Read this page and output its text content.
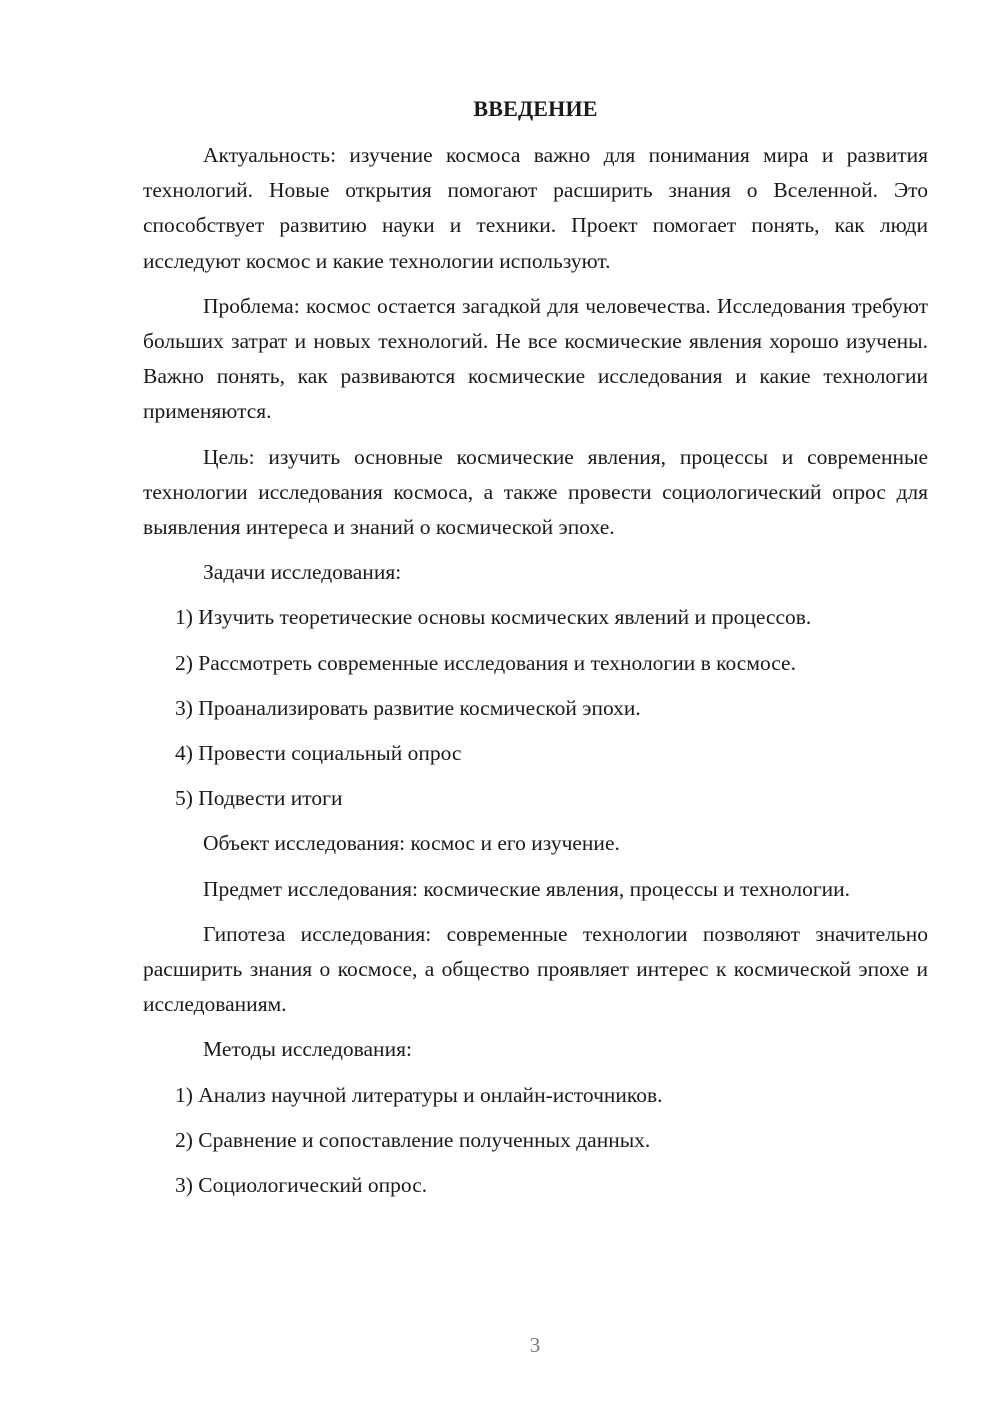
ВВЕДЕНИЕ

Актуальность: изучение космоса важно для понимания мира и развития технологий. Новые открытия помогают расширить знания о Вселенной. Это способствует развитию науки и техники. Проект помогает понять, как люди исследуют космос и какие технологии используют.

Проблема: космос остается загадкой для человечества. Исследования требуют больших затрат и новых технологий. Не все космические явления хорошо изучены. Важно понять, как развиваются космические исследования и какие технологии применяются.

Цель: изучить основные космические явления, процессы и современные технологии исследования космоса, а также провести социологический опрос для выявления интереса и знаний о космической эпохе.

Задачи исследования:

1) Изучить теоретические основы космических явлений и процессов.
2) Рассмотреть современные исследования и технологии в космосе.
3) Проанализировать развитие космической эпохи.
4) Провести социальный опрос
5) Подвести итоги

Объект исследования: космос и его изучение.

Предмет исследования: космические явления, процессы и технологии.

Гипотеза исследования: современные технологии позволяют значительно расширить знания о космосе, а общество проявляет интерес к космической эпохе и исследованиям.

Методы исследования:

1) Анализ научной литературы и онлайн-источников.
2) Сравнение и сопоставление полученных данных.
3) Социологический опрос.
3
